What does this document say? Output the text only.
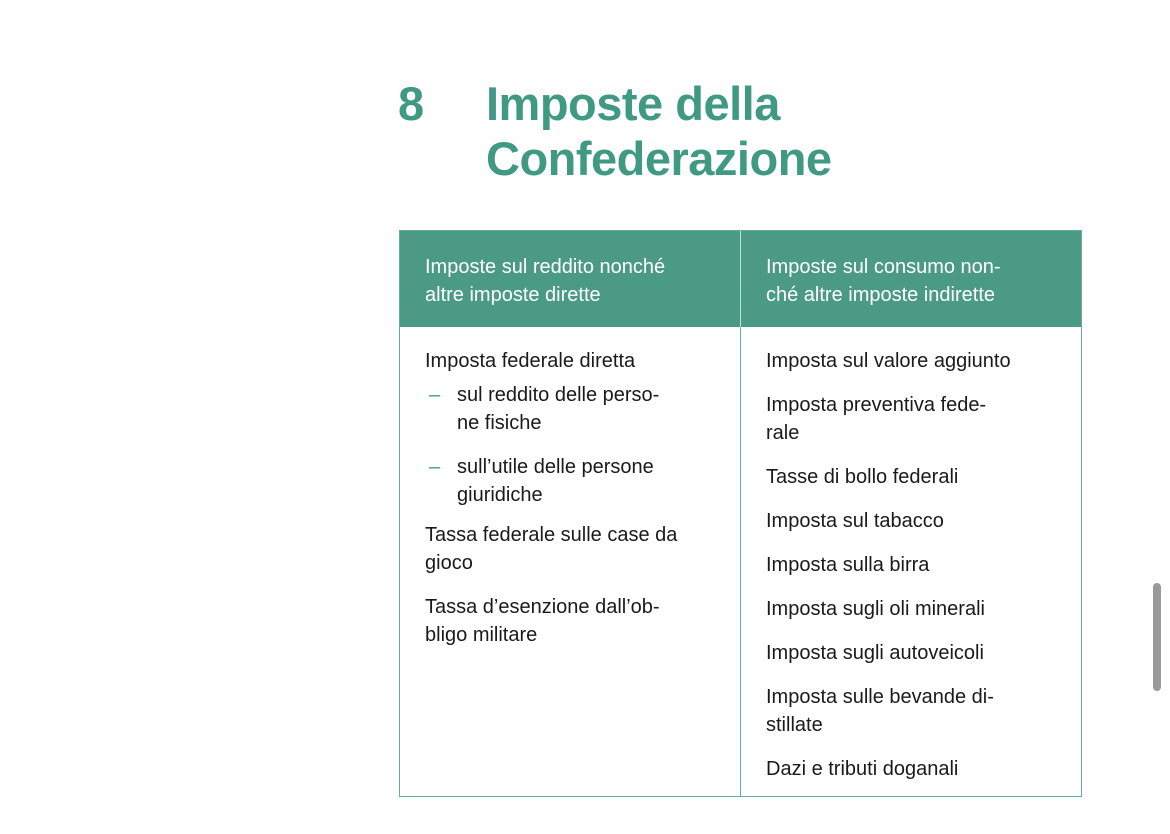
8 Imposte della
Confederazione
Imposte sul reddito nonché
altre imposte dirette
Imposte sul consumo non-
ché altre imposte indirette
Imposta federale diretta
– sul reddito delle perso-
ne fisiche
– sull’utile delle persone
giuridiche
Tassa federale sulle case da
gioco
Tassa d’esenzione dall’ob-
bligo militare
Imposta sul valore aggiunto
Imposta preventiva fede-
rale
Tasse di bollo federali
Imposta sul tabacco
Imposta sulla birra
Imposta sugli oli minerali
Imposta sugli autoveicoli
Imposta sulle bevande di-
stillate
Dazi e tributi doganali
